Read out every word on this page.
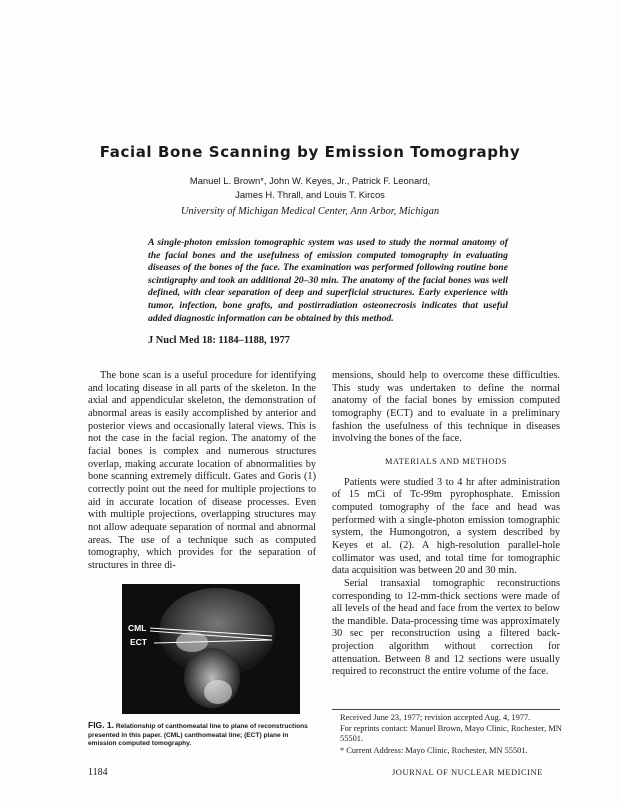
Facial Bone Scanning by Emission Tomography
Manuel L. Brown*, John W. Keyes, Jr., Patrick F. Leonard,
James H. Thrall, and Louis T. Kircos
University of Michigan Medical Center, Ann Arbor, Michigan

A single-photon emission tomographic system was used to study the normal anatomy of the facial bones and the usefulness of emission computed tomography in evaluating diseases of the bones of the face. The examination was performed following routine bone scintigraphy and took an additional 20–30 min. The anatomy of the facial bones was well defined, with clear separation of deep and superficial structures. Early experience with tumor, infection, bone grafts, and postirradiation osteonecrosis indicates that useful added diagnostic information can be obtained by this method.

J Nucl Med 18: 1184–1188, 1977

The bone scan is a useful procedure for identifying and locating disease in all parts of the skeleton. In the axial and appendicular skeleton, the demonstration of abnormal areas is easily accomplished by anterior and posterior views and occasionally lateral views. This is not the case in the facial region. The anatomy of the facial bones is complex and numerous structures overlap, making accurate location of abnormalities by bone scanning extremely difficult. Gates and Goris (1) correctly point out the need for multiple projections to aid in accurate location of disease processes. Even with multiple projections, overlapping structures may not allow adequate separation of normal and abnormal areas. The use of a technique such as computed tomography, which provides for the separation of structures in three di-

CML
ECT
FIG. 1. Relationship of canthomeatal line to plane of reconstructions presented in this paper. (CML) canthomeatal line; (ECT) plane in emission computed tomography.

mensions, should help to overcome these difficulties. This study was undertaken to define the normal anatomy of the facial bones by emission computed tomography (ECT) and to evaluate in a preliminary fashion the usefulness of this technique in diseases involving the bones of the face.

MATERIALS AND METHODS

Patients were studied 3 to 4 hr after administration of 15 mCi of Tc-99m pyrophosphate. Emission computed tomography of the face and head was performed with a single-photon emission tomographic system, the Humongotron, a system described by Keyes et al. (2). A high-resolution parallel-hole collimator was used, and total time for tomographic data acquisition was between 20 and 30 min.

Serial transaxial tomographic reconstructions corresponding to 12-mm-thick sections were made of all levels of the head and face from the vertex to below the mandible. Data-processing time was approximately 30 sec per reconstruction using a filtered back-projection algorithm without correction for attenuation. Between 8 and 12 sections were usually required to reconstruct the entire volume of the face.

Received June 23, 1977; revision accepted Aug. 4, 1977.

For reprints contact: Manuel Brown, Mayo Clinic, Rochester, MN 55501.

* Current Address: Mayo Clinic, Rochester, MN 55501.

1184	JOURNAL OF NUCLEAR MEDICINE
